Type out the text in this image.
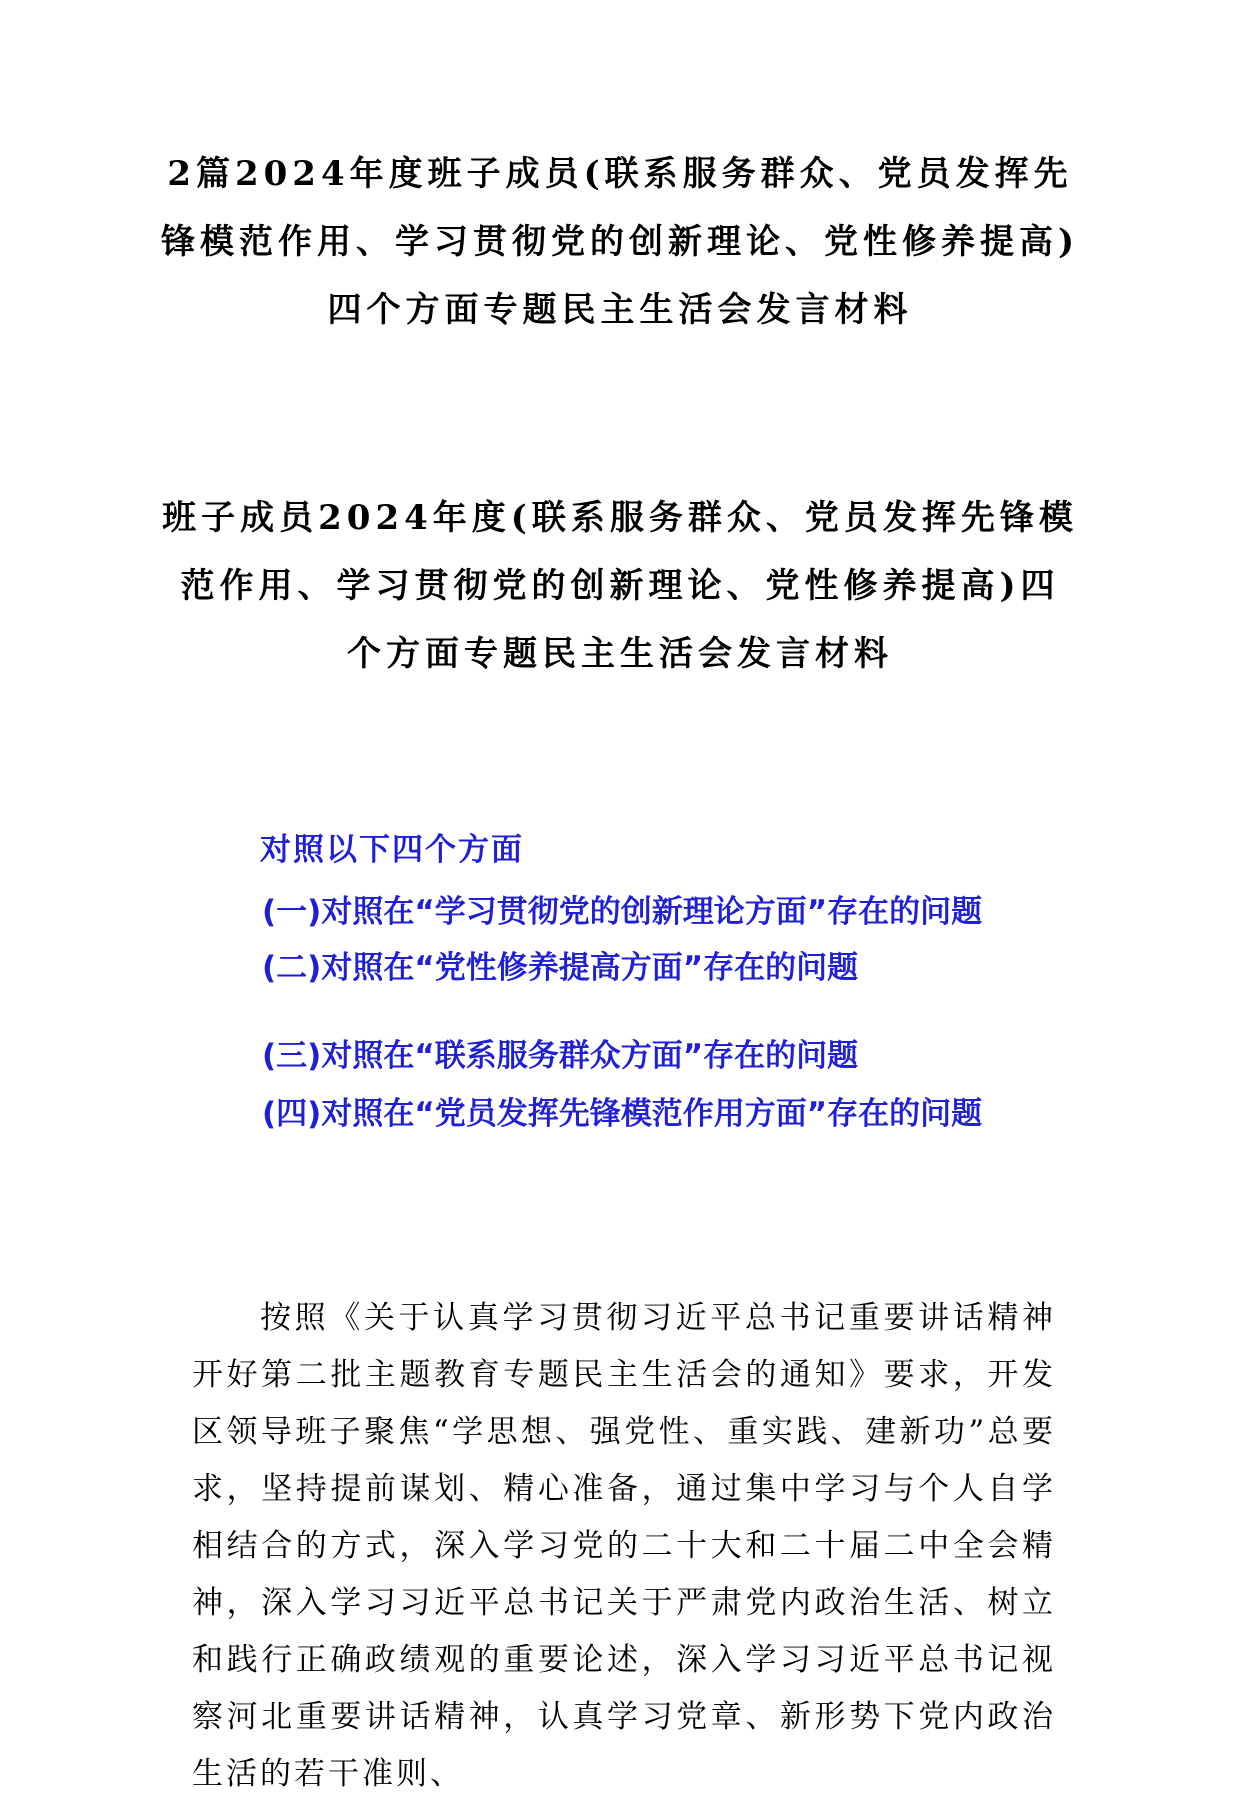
2篇2024年度班子成员(联系服务群众、党员发挥先
锋模范作用、学习贯彻党的创新理论、党性修养提高)
四个方面专题民主生活会发言材料
班子成员2024年度(联系服务群众、党员发挥先锋模
范作用、学习贯彻党的创新理论、党性修养提高)四
个方面专题民主生活会发言材料
对照以下四个方面
(一)对照在“学习贯彻党的创新理论方面”存在的问题
(二)对照在“党性修养提高方面”存在的问题
(三)对照在“联系服务群众方面”存在的问题
(四)对照在“党员发挥先锋模范作用方面”存在的问题

按照《关于认真学习贯彻习近平总书记重要讲话精神开好第二批主题教育专题民主生活会的通知》要求，开发区领导班子聚焦“学思想、强党性、重实践、建新功”总要求，坚持提前谋划、精心准备，通过集中学习与个人自学相结合的方式，深入学习党的二十大和二十届二中全会精神，深入学习习近平总书记关于严肃党内政治生活、树立和践行正确政绩观的重要论述，深入学习习近平总书记视察河北重要讲话精神，认真学习党章、新形势下党内政治生活的若干准则、
